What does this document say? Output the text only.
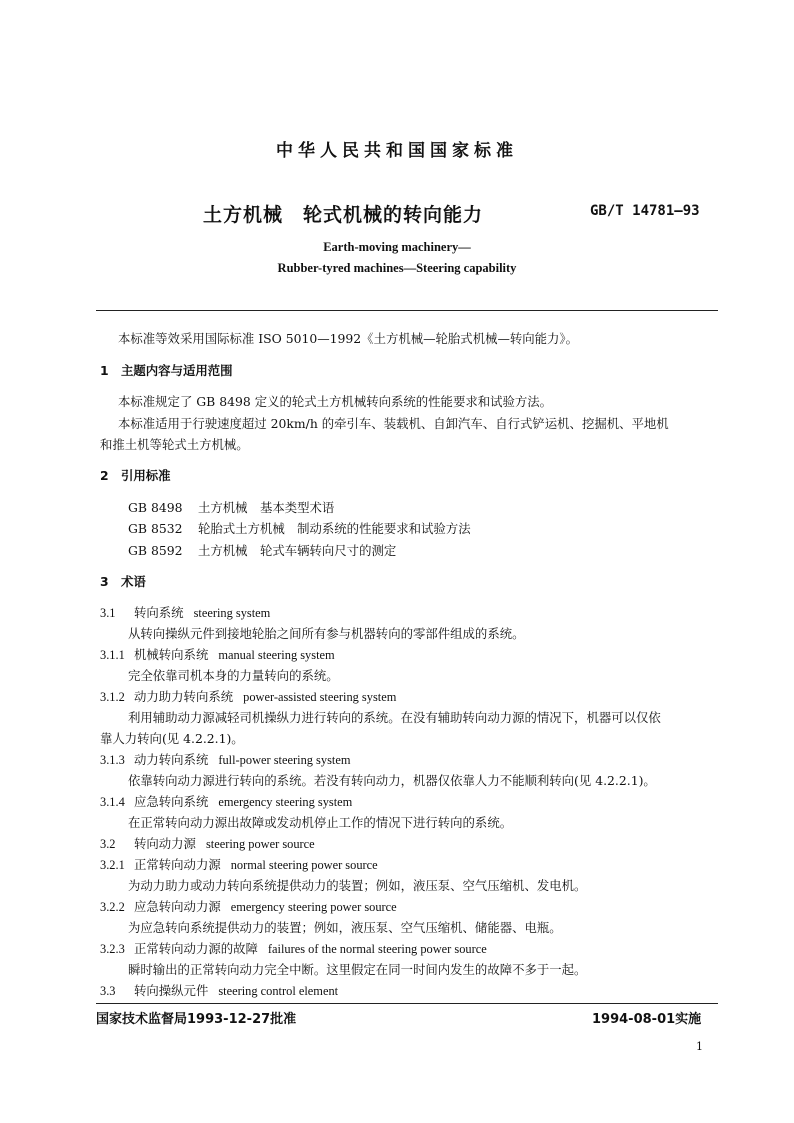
中华人民共和国国家标准
土方机械　轮式机械的转向能力	GB/T 14781—93
Earth-moving machinery—
Rubber-tyred machines—Steering capability
本标准等效采用国际标准 ISO 5010—1992《土方机械—轮胎式机械—转向能力》。
1　主题内容与适用范围
本标准规定了 GB 8498 定义的轮式土方机械转向系统的性能要求和试验方法。
本标准适用于行驶速度超过 20km/h 的牵引车、装载机、自卸汽车、自行式铲运机、挖掘机、平地机
和推土机等轮式土方机械。
2　引用标准
GB 8498 土方机械　基本类型术语
GB 8532 轮胎式土方机械　制动系统的性能要求和试验方法
GB 8592 土方机械　轮式车辆转向尺寸的测定
3　术语
3.1 转向系统 steering system
从转向操纵元件到接地轮胎之间所有参与机器转向的零部件组成的系统。
3.1.1 机械转向系统 manual steering system
完全依靠司机本身的力量转向的系统。
3.1.2 动力助力转向系统 power-assisted steering system
利用辅助动力源减轻司机操纵力进行转向的系统。在没有辅助转向动力源的情况下，机器可以仅依
靠人力转向(见 4.2.2.1)。
3.1.3 动力转向系统 full-power steering system
依靠转向动力源进行转向的系统。若没有转向动力，机器仅依靠人力不能顺利转向(见 4.2.2.1)。
3.1.4 应急转向系统 emergency steering system
在正常转向动力源出故障或发动机停止工作的情况下进行转向的系统。
3.2 转向动力源 steering power source
3.2.1 正常转向动力源 normal steering power source
为动力助力或动力转向系统提供动力的装置；例如，液压泵、空气压缩机、发电机。
3.2.2 应急转向动力源 emergency steering power source
为应急转向系统提供动力的装置；例如，液压泵、空气压缩机、储能器、电瓶。
3.2.3 正常转向动力源的故障 failures of the normal steering power source
瞬时输出的正常转向动力完全中断。这里假定在同一时间内发生的故障不多于一起。
3.3 转向操纵元件 steering control element
国家技术监督局1993-12-27批准	1994-08-01实施
1
